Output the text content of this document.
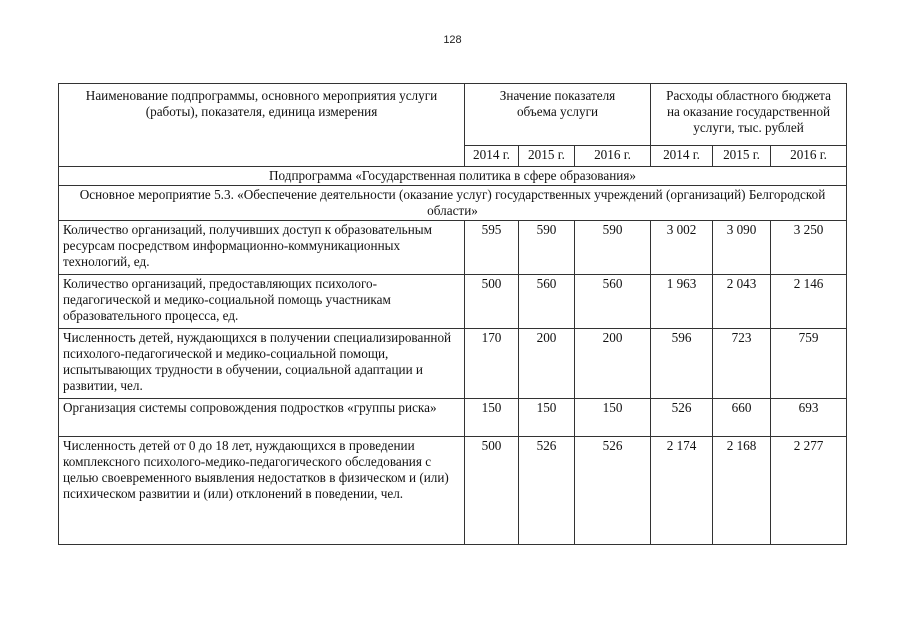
128
Наименование подпрограммы, основного мероприятия услуги (работы), показателя, единица измерения	Значение показателя объема услуги			Расходы областного бюджета на оказание государственной услуги, тыс. рублей		
	2014 г.	2015 г.	2016 г.	2014 г.	2015 г.	2016 г.
Подпрограмма «Государственная политика в сфере образования»						
Основное мероприятие 5.3. «Обеспечение деятельности (оказание услуг) государственных учреждений (организаций) Белгородской области»						
Количество организаций, получивших доступ к образовательным ресурсам посредством информационно-коммуникационных технологий, ед.	595	590	590	3 002	3 090	3 250
Количество организаций, предоставляющих психолого-педагогической и медико-социальной помощь участникам образовательного процесса, ед.	500	560	560	1 963	2 043	2 146
Численность детей, нуждающихся в получении специализированной психолого-педагогической и медико-социальной помощи, испытывающих трудности в обучении, социальной адаптации и развитии, чел.	170	200	200	596	723	759
Организация системы сопровождения подростков «группы риска»	150	150	150	526	660	693
Численность детей от 0 до 18 лет, нуждающихся в проведении комплексного психолого-медико-педагогического обследования с целью своевременного выявления недостатков в физическом и (или) психическом развитии и (или) отклонений в поведении, чел.	500	526	526	2 174	2 168	2 277
